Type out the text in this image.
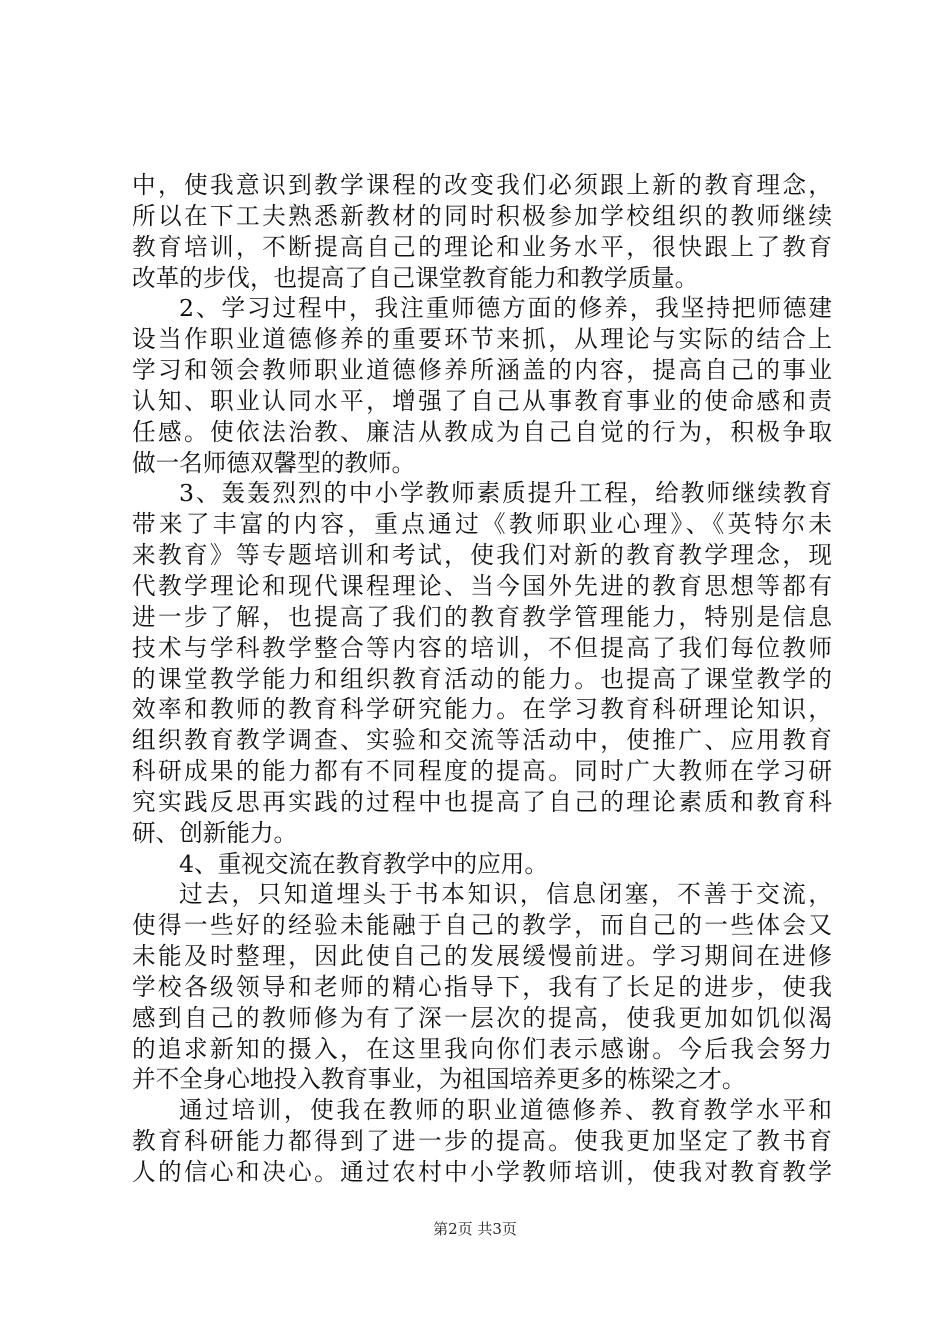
中，使我意识到教学课程的改变我们必须跟上新的教育理念，
所以在下工夫熟悉新教材的同时积极参加学校组织的教师继续
教育培训，不断提高自己的理论和业务水平，很快跟上了教育
改革的步伐，也提高了自己课堂教育能力和教学质量。
2、学习过程中，我注重师德方面的修养，我坚持把师德建
设当作职业道德修养的重要环节来抓，从理论与实际的结合上
学习和领会教师职业道德修养所涵盖的内容，提高自己的事业
认知、职业认同水平，增强了自己从事教育事业的使命感和责
任感。使依法治教、廉洁从教成为自己自觉的行为，积极争取
做一名师德双馨型的教师。
3、轰轰烈烈的中小学教师素质提升工程，给教师继续教育
带来了丰富的内容，重点通过《教师职业心理》、《英特尔未
来教育》等专题培训和考试，使我们对新的教育教学理念，现
代教学理论和现代课程理论、当今国外先进的教育思想等都有
进一步了解，也提高了我们的教育教学管理能力，特别是信息
技术与学科教学整合等内容的培训，不但提高了我们每位教师
的课堂教学能力和组织教育活动的能力。也提高了课堂教学的
效率和教师的教育科学研究能力。在学习教育科研理论知识，
组织教育教学调查、实验和交流等活动中，使推广、应用教育
科研成果的能力都有不同程度的提高。同时广大教师在学习研
究实践反思再实践的过程中也提高了自己的理论素质和教育科
研、创新能力。
4、重视交流在教育教学中的应用。
过去，只知道埋头于书本知识，信息闭塞，不善于交流，
使得一些好的经验未能融于自己的教学，而自己的一些体会又
未能及时整理，因此使自己的发展缓慢前进。学习期间在进修
学校各级领导和老师的精心指导下，我有了长足的进步，使我
感到自己的教师修为有了深一层次的提高，使我更加如饥似渴
的追求新知的摄入，在这里我向你们表示感谢。今后我会努力
并不全身心地投入教育事业，为祖国培养更多的栋梁之才。
通过培训，使我在教师的职业道德修养、教育教学水平和
教育科研能力都得到了进一步的提高。使我更加坚定了教书育
人的信心和决心。通过农村中小学教师培训，使我对教育教学
第2页 共3页
